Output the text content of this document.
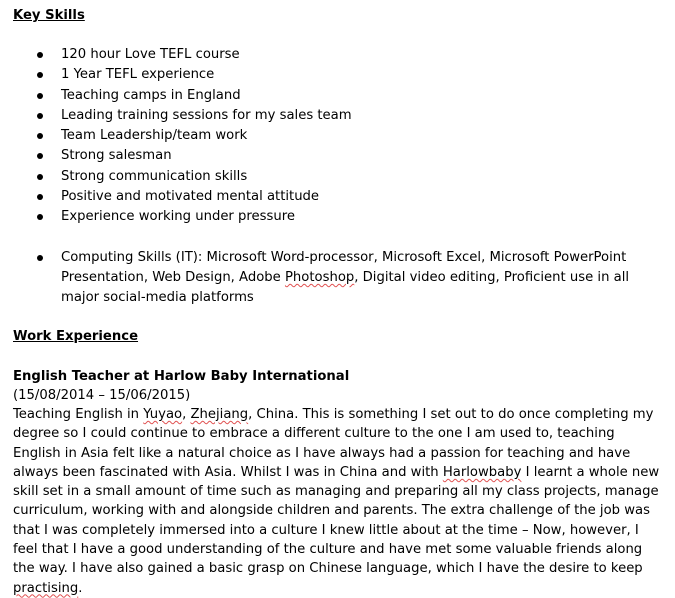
Key Skills
120 hour Love TEFL course
1 Year TEFL experience
Teaching camps in England
Leading training sessions for my sales team
Team Leadership/team work
Strong salesman
Strong communication skills
Positive and motivated mental attitude
Experience working under pressure
Computing Skills (IT): Microsoft Word-processor, Microsoft Excel, Microsoft PowerPoint Presentation, Web Design, Adobe Photoshop, Digital video editing, Proficient use in all major social-media platforms
Work Experience
English Teacher at Harlow Baby International
(15/08/2014 – 15/06/2015)

Teaching English in Yuyao, Zhejiang, China. This is something I set out to do once completing my degree so I could continue to embrace a different culture to the one I am used to, teaching English in Asia felt like a natural choice as I have always had a passion for teaching and have always been fascinated with Asia. Whilst I was in China and with Harlowbaby I learnt a whole new skill set in a small amount of time such as managing and preparing all my class projects, manage curriculum, working with and alongside children and parents. The extra challenge of the job was that I was completely immersed into a culture I knew little about at the time – Now, however, I feel that I have a good understanding of the culture and have met some valuable friends along the way. I have also gained a basic grasp on Chinese language, which I have the desire to keep practising.
